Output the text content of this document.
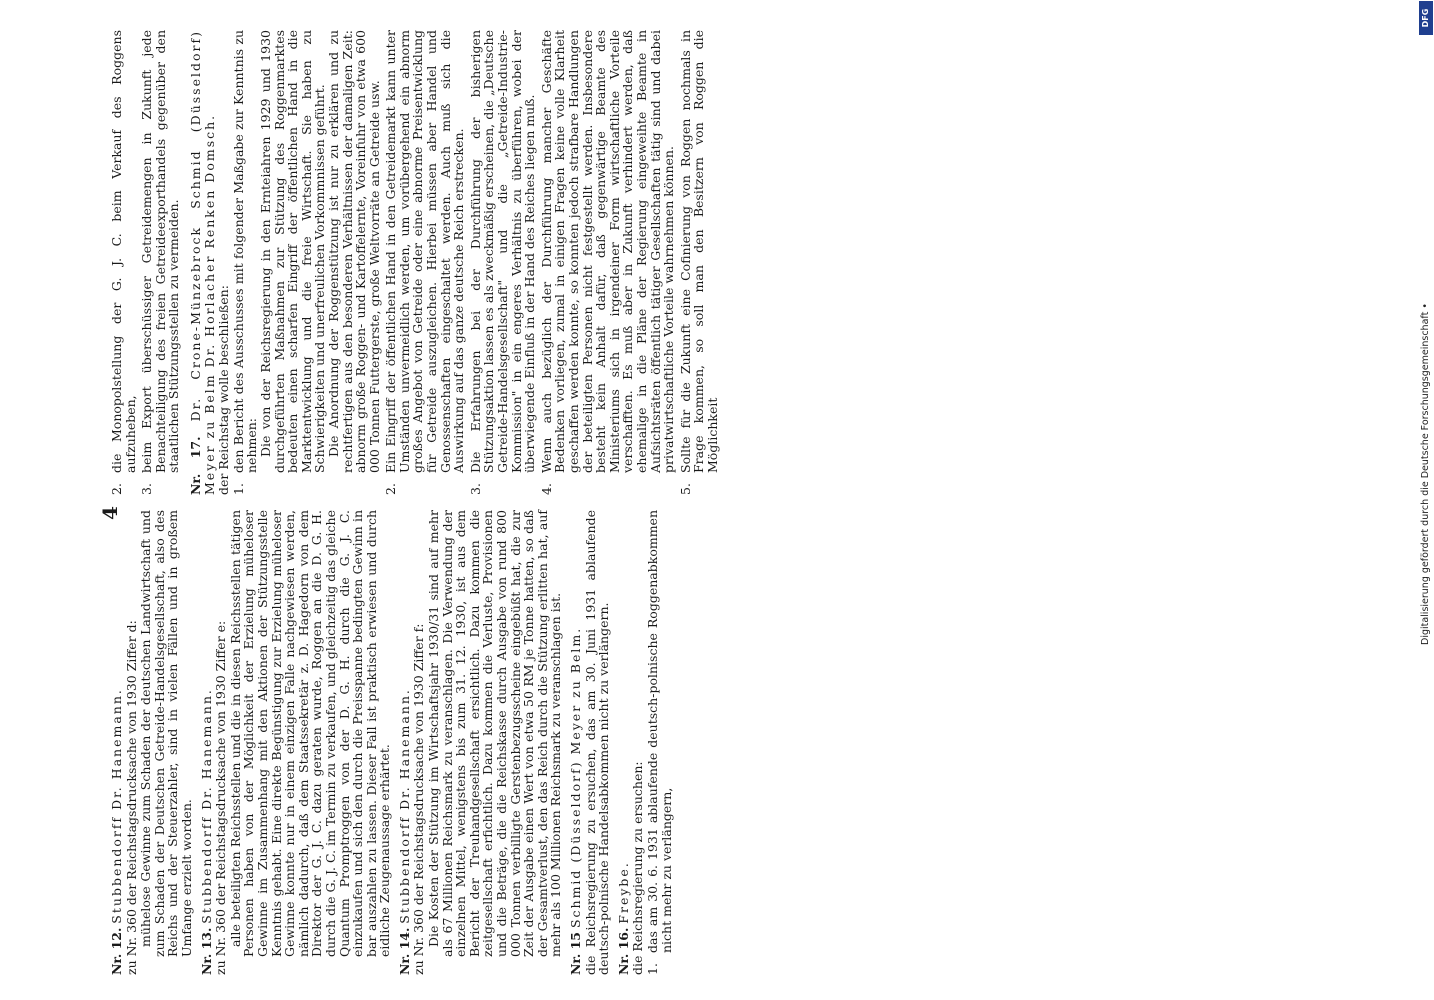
4

Nr. 12. Stubbendorff Dr. Hanemann. zu Nr. 360 der Reichstagsdrucksache von 1930 Ziffer d: mühelose Gewinne zum Schaden der deutschen Landwirtschaft und zum Schaden der Deutschen Getreide-Handelsgesellschaft, also des Reichs und der Steuerzahler, sind in vielen Fällen und in großem Umfange erzielt worden. Nr. 13. Stubbendorff Dr. Hanemann. zu Nr. 360 der Reichstagsdrucksache von 1930 Ziffer e: alle beteiligten Reichsstellen und die in diesen Reichsstellen tätigen Personen haben von der Möglichkeit der Erzielung müheloser Gewinne im Zusammenhang mit den Aktionen der Stützungsstelle Kenntnis gehabt. Eine direkte Begünstigung zur Erzielung müheloser Gewinne konnte nur in einem einzigen Falle nachgewiesen werden, nämlich dadurch, daß dem Staatssekretär z. D. Hagedorn von dem Direktor der G. J. C. dazu geraten wurde, Roggen an die D. G. H. durch die G. J. C. im Termin zu verkaufen, und gleichzeitig das gleiche Quantum Promptroggen von der D. G. H. durch die G. J. C. einzukaufen und sich den durch die Preisspanne bedingten Gewinn in bar auszahlen zu lassen. Dieser Fall ist praktisch erwiesen und durch eidliche Zeugenaussage erhärtet. Nr. 14. Stubbendorff Dr. Hanemann. zu Nr. 360 der Reichstagsdrucksache von 1930 Ziffer f: Die Kosten der Stützung im Wirtschaftsjahr 1930/31 sind auf mehr als 67 Millionen Reichsmark zu veranschlagen. Die Verwendung der einzelnen Mittel, wenigstens bis zum 31. 12. 1930, ist aus dem Bericht der Treuhandgesellschaft ersichtlich. Dazu kommen die zeitgesellschaft erfichtlich. Dazu kommen die Verluste, Provisionen und die Beträge, die die Reichskasse durch Ausgabe von rund 800 000 Tonnen verbilligte Gerstenbezugsscheine eingebüßt hat, die zur Zeit der Ausgabe einen Wert von etwa 50 RM je Tonne hatten, so daß der Gesamtverlust, den das Reich durch die Stützung erlitten hat, auf mehr als 100 Millionen Reichsmark zu veranschlagen ist. Nr. 15 Schmid (Düsseldorf) Meyer zu Belm. die Reichsregierung zu ersuchen, das am 30. Juni 1931 ablaufende deutsch-polnische Handelsabkommen nicht zu verlängern. Nr. 16. Freybe. die Reichsregierung zu ersuchen: 1.

das am 30. 6. 1931 ablaufende deutsch-polnische Roggenabkommen nicht mehr zu verlängern,

2.

die Monopolstellung der G. J. C. beim Verkauf des Roggens aufzuheben,

3.

beim Export überschüssiger Getreidemengen in Zukunft jede Benachteiligung des freien Getreideexporthandels gegenüber den staatlichen Stützungsstellen zu vermeiden. Nr. 17. Dr. Crone-Münzebrock Schmid (Düsseldorf) Meyer zu Belm Dr. Horlacher Renken Domsch. der Reichstag wolle beschließen: 1.

den Bericht des Ausschusses mit folgender Maßgabe zur Kenntnis zu nehmen:

Die von der Reichsregierung in den Ernteiahren 1929 und 1930 durchgeführten Maßnahmen zur Stützung des Roggenmarktes bedeuten einen scharfen Eingriff der öffentlichen Hand in die Marktentwicklung und die freie Wirtschaft. Sie haben zu Schwierigkeiten und unerfreulichen Vorkommnissen geführt.

Die Anordnung der Roggenstützung ist nur zu erklären und zu rechtfertigen aus den besonderen Verhältnissen der damaligen Zeit: abnorm große Roggen- und Kartoffelernte, Voreinfuhr von etwa 600 000 Tonnen Futtergerste, große Weltvorräte an Getreide usw.

2.

Ein Eingriff der öffentlichen Hand in den Getreidemarkt kann unter Umständen unvermeidlich werden, um vorübergehend ein abnorm großes Angebot von Getreide oder eine abnorme Preisentwicklung für Getreide auszugleichen. Hierbei müssen aber Handel und Genossenschaften eingeschaltet werden. Auch muß sich die Auswirkung auf das ganze deutsche Reich erstrecken.

3.

Die Erfahrungen bei der Durchführung der bisherigen Stützungsaktion lassen es als zweckmäßig erscheinen, die „Deutsche Getreide-Handelsgesellschaft" und die „Getreide-Industrie-Kommission" in ein engeres Verhältnis zu überführen, wobei der überwiegende Einfluß in der Hand des Reiches liegen muß.

4.

Wenn auch bezüglich der Durchführung mancher Geschäfte Bedenken vorliegen, zumal in einigen Fragen keine volle Klarheit geschaffen werden konnte, so konnten jedoch strafbare Handlungen der beteiligten Personen nicht festgestellt werden. Insbesondere besteht kein Anhalt dafür, daß gegenwärtige Beamte des Ministeriums sich in irgendeiner Form wirtschaftliche Vorteile verschafften. Es muß aber in Zukunft verhindert werden, daß ehemalige in die Pläne der Regierung eingeweihte Beamte in Aufsichtsräten öffentlich tätiger Gesellschaften tätig sind und dabei privatwirtschaftliche Vorteile wahrnehmen können.

5.

Sollte für die Zukunft eine Cofinierung von Roggen nochmals in Frage kommen, so soll man den Besitzern von Roggen die Möglichkeit	Digitalisierung gefördert durch die Deutsche Forschungsgemeinschaft •
DFG
